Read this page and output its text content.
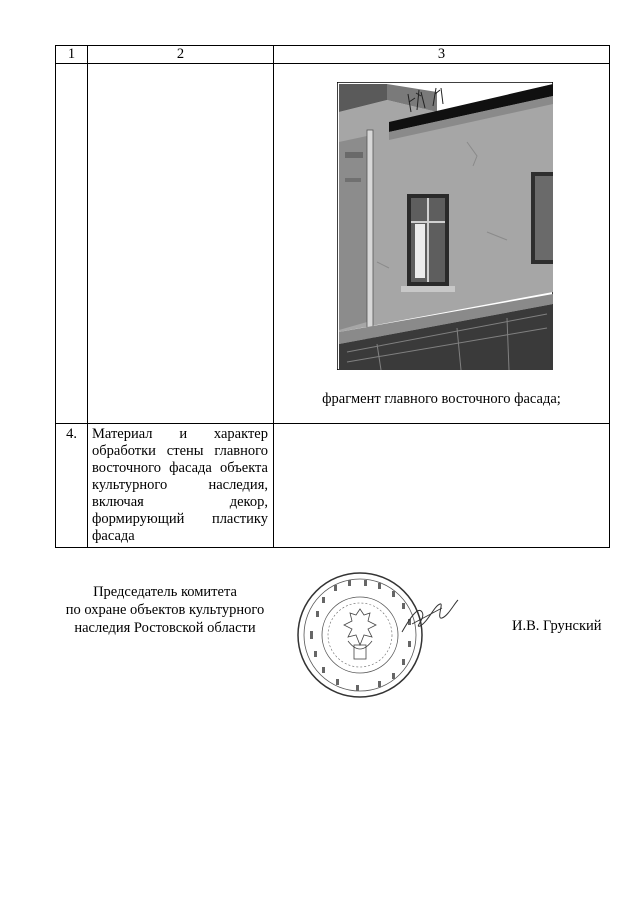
1	2	3

		фрагмент главного восточного фасада;

4.	Материал и характер обработки стены главного восточного фасада объекта культурного наследия, включая декор, формирующий пластику фасада	
Председатель комитета
по охране объектов культурного
наследия Ростовской области	И.В. Грунский
